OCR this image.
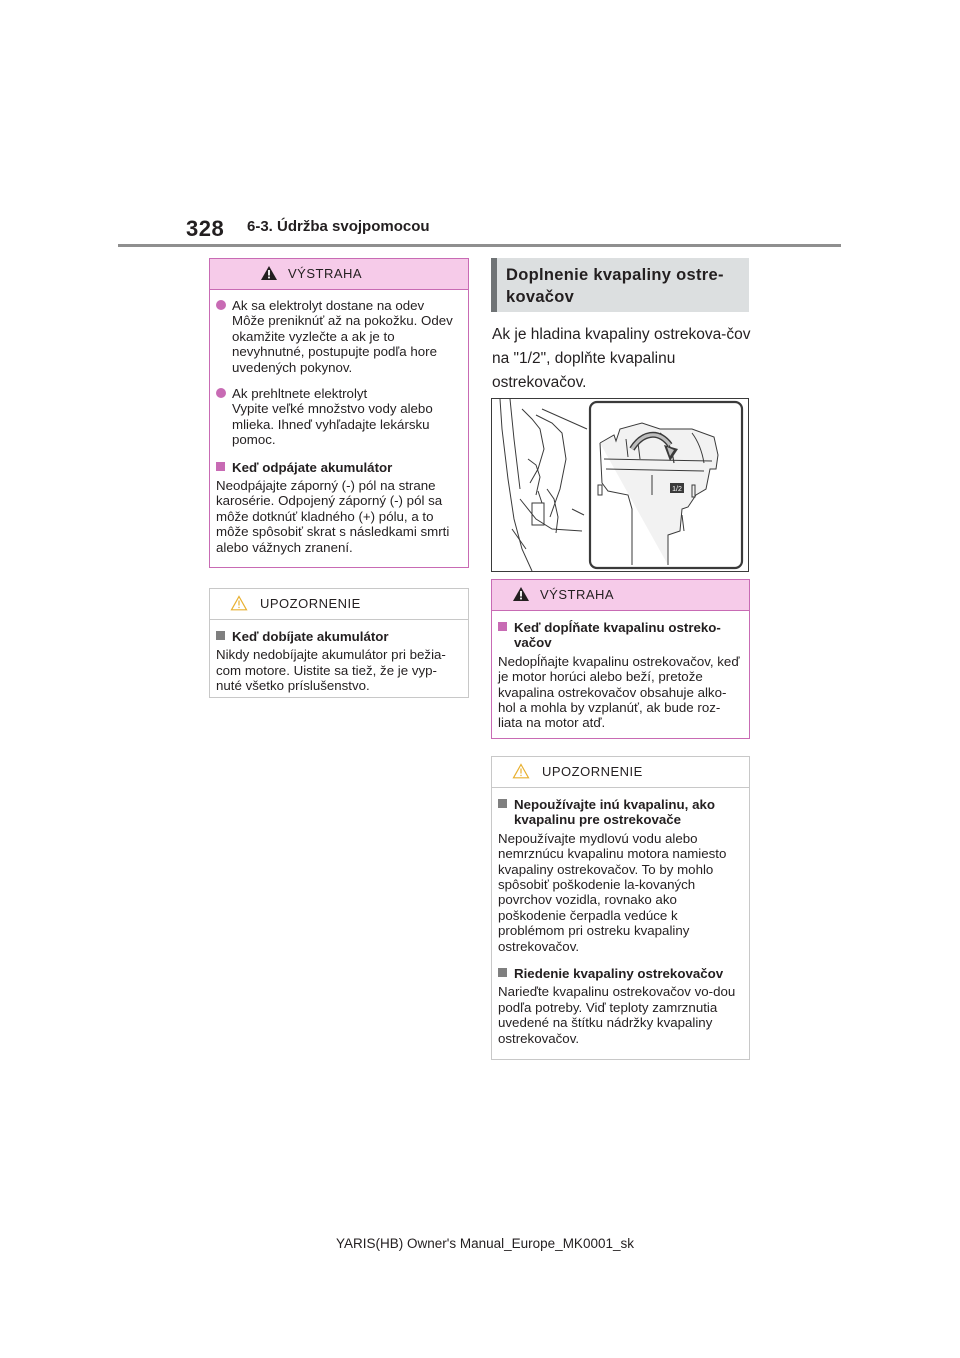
328 6-3. Údržba svojpomocou
VÝSTRAHA
Ak sa elektrolyt dostane na odev
Môže preniknúť až na pokožku. Odev okamžite vyzlečte a ak je to nevyhnutné, postupujte podľa hore uvedených pokynov.
Ak prehltnete elektrolyt
Vypite veľké množstvo vody alebo mlieka. Ihneď vyhľadajte lekársku pomoc.
Keď odpájate akumulátor
Neodpájajte záporný (-) pól na strane karosérie. Odpojený záporný (-) pól sa môže dotknúť kladného (+) pólu, a to môže spôsobiť skrat s následkami smrti alebo vážnych zranení.
UPOZORNENIE
Keď dobíjate akumulátor
Nikdy nedobíjajte akumulátor pri bežia-com motore. Uistite sa tiež, že je vyp-nuté všetko príslušenstvo.
Doplnenie kvapaliny ostre-kovačov
Ak je hladina kvapaliny ostrekova-čov na "1/2", doplňte kvapalinu ostrekovačov.
1/2
VÝSTRAHA
Keď dopĺňate kvapalinu ostreko-vačov
Nedopĺňajte kvapalinu ostrekovačov, keď je motor horúci alebo beží, pretože kvapalina ostrekovačov obsahuje alko-hol a mohla by vzplanúť, ak bude roz-liata na motor atď.
UPOZORNENIE
Nepoužívajte inú kvapalinu, ako kvapalinu pre ostrekovače
Nepoužívajte mydlovú vodu alebo nemrznúcu kvapalinu motora namiesto kvapaliny ostrekovačov. To by mohlo spôsobiť poškodenie la-kovaných povrchov vozidla, rovnako ako poškodenie čerpadla vedúce k problémom pri ostreku kvapaliny ostrekovačov.
Riedenie kvapaliny ostrekovačov
Narieďte kvapalinu ostrekovačov vo-dou podľa potreby. Viď teploty zamrznutia uvedené na štítku nádržky kvapaliny ostrekovačov.
YARIS(HB) Owner's Manual_Europe_MK0001_sk
